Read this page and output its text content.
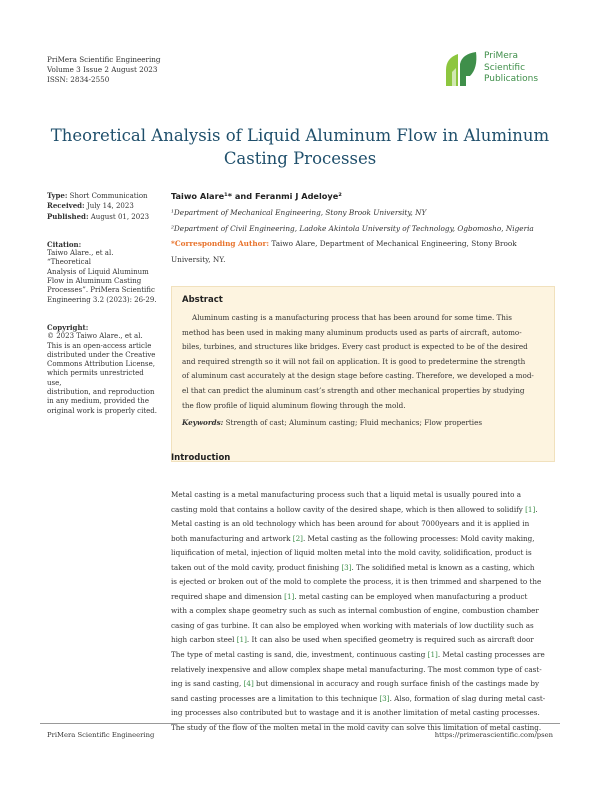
PriMera Scientific Engineering
Volume 3 Issue 2 August 2023
ISSN: 2834-2550
PriMera
Scientific
Publications
Theoretical Analysis of Liquid Aluminum Flow in Aluminum
Casting Processes
Type: Short Communication
Received: July 14, 2023
Published: August 01, 2023
Citation:
Taiwo Alare., et al. “Theoretical
Analysis of Liquid Aluminum
Flow in Aluminum Casting
Processes”. PriMera Scientific
Engineering 3.2 (2023): 26-29.
Copyright:
© 2023 Taiwo Alare., et al.
This is an open-access article
distributed under the Creative
Commons Attribution License,
which permits unrestricted use,
distribution, and reproduction
in any medium, provided the
original work is properly cited.
Taiwo Alare¹* and Feranmi J Adeloye²
¹Department of Mechanical Engineering, Stony Brook University, NY
²Department of Civil Engineering, Ladoke Akintola University of Technology, Ogbomosho, Nigeria
*Corresponding Author: Taiwo Alare, Department of Mechanical Engineering, Stony Brook
University, NY.
Abstract
Aluminum casting is a manufacturing process that has been around for some time. This
method has been used in making many aluminum products used as parts of aircraft, automo-
biles, turbines, and structures like bridges. Every cast product is expected to be of the desired
and required strength so it will not fail on application. It is good to predetermine the strength
of aluminum cast accurately at the design stage before casting. Therefore, we developed a mod-
el that can predict the aluminum cast’s strength and other mechanical properties by studying
the flow profile of liquid aluminum flowing through the mold.
Keywords: Strength of cast; Aluminum casting; Fluid mechanics; Flow properties
Introduction
Metal casting is a metal manufacturing process such that a liquid metal is usually poured into a
casting mold that contains a hollow cavity of the desired shape, which is then allowed to solidify [1].
Metal casting is an old technology which has been around for about 7000years and it is applied in
both manufacturing and artwork [2]. Metal casting as the following processes: Mold cavity making,
liquification of metal, injection of liquid molten metal into the mold cavity, solidification, product is
taken out of the mold cavity, product finishing [3]. The solidified metal is known as a casting, which
is ejected or broken out of the mold to complete the process, it is then trimmed and sharpened to the
required shape and dimension [1]. metal casting can be employed when manufacturing a product
with a complex shape geometry such as such as internal combustion of engine, combustion chamber
casing of gas turbine. It can also be employed when working with materials of low ductility such as
high carbon steel [1]. It can also be used when specified geometry is required such as aircraft door
The type of metal casting is sand, die, investment, continuous casting [1]. Metal casting processes are
relatively inexpensive and allow complex shape metal manufacturing. The most common type of cast-
ing is sand casting, [4] but dimensional in accuracy and rough surface finish of the castings made by
sand casting processes are a limitation to this technique [3]. Also, formation of slag during metal cast-
ing processes also contributed but to wastage and it is another limitation of metal casting processes.
The study of the flow of the molten metal in the mold cavity can solve this limitation of metal casting.
PriMera Scientific Engineering	https://primerascientific.com/psen
